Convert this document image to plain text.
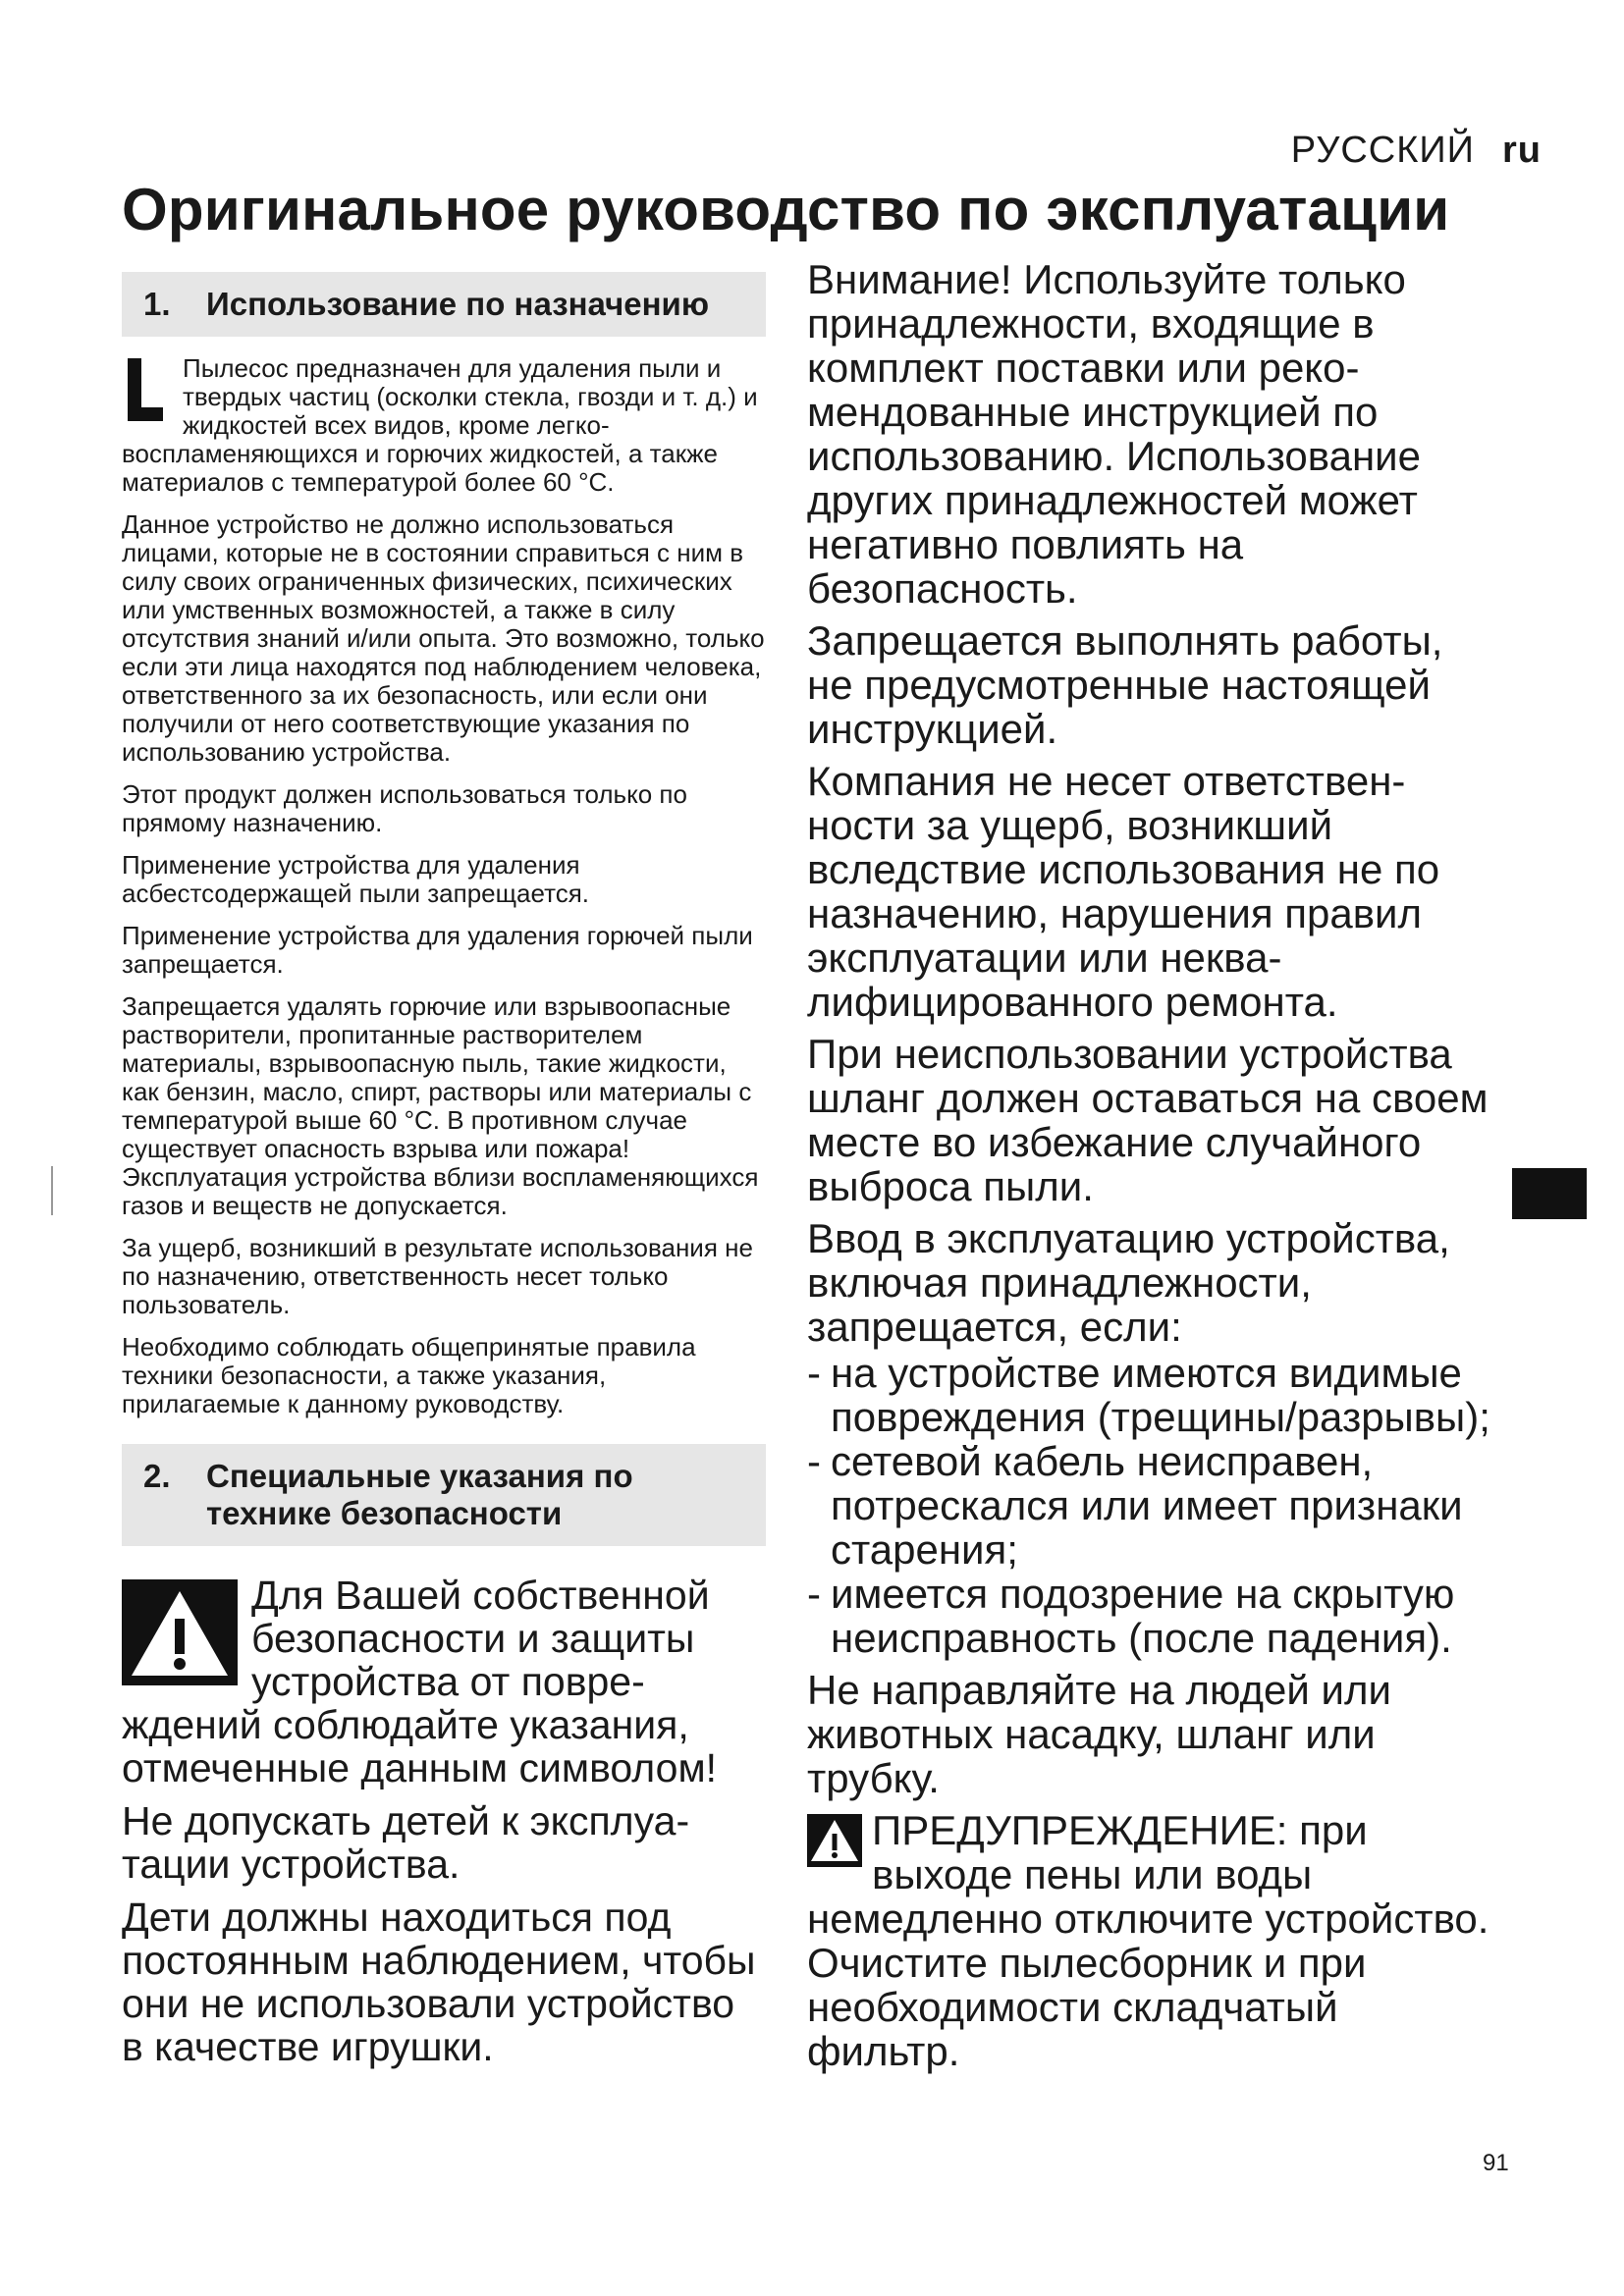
РУССКИЙ ru
Оригинальное руководство по эксплуатации
1.	Использование по назначению

Пылесос предназначен для удаления пыли и твердых частиц (осколки стекла, гвозди и т. д.) и жидкостей всех видов, кроме легковоспламеняющихся и горючих жидкостей, а также материалов с температурой более 60 °C.

Данное устройство не должно использоваться лицами, которые не в состоянии справиться с ним в силу своих ограниченных физических, психических или умственных возможностей, а также в силу отсутствия знаний и/или опыта. Это возможно, только если эти лица находятся под наблюдением человека, ответственного за их безопасность, или если они получили от него соответствующие указания по использованию устройства.

Этот продукт должен использоваться только по прямому назначению.

Применение устройства для удаления асбестсодержащей пыли запрещается.

Применение устройства для удаления горючей пыли запрещается.

Запрещается удалять горючие или взрывоопасные растворители, пропитанные растворителем материалы, взрывоопасную пыль, такие жидкости, как бензин, масло, спирт, растворы или материалы с температурой выше 60 °C. В противном случае существует опасность взрыва или пожара! Эксплуатация устройства вблизи воспламеняющихся газов и веществ не допускается.

За ущерб, возникший в результате использования не по назначению, ответственность несет только пользователь.

Необходимо соблюдать общепринятые правила техники безопасности, а также указания, прилагаемые к данному руководству.

2.	Специальные указания по технике безопасности

Для Вашей собственной безопасности и защиты устройства от повреждений соблюдайте указания, отмеченные данным символом!

Не допускать детей к эксплуатации устройства.

Дети должны находиться под постоянным наблюдением, чтобы они не использовали устройство в качестве игрушки.

Внимание! Используйте только принадлежности, входящие в комплект поставки или рекомендованные инструкцией по использованию. Использование других принадлежностей может негативно повлиять на безопасность.

Запрещается выполнять работы, не предусмотренные настоящей инструкцией.

Компания не несет ответственности за ущерб, возникший вследствие использования не по назначению, нарушения правил эксплуатации или неквалифицированного ремонта.

При неиспользовании устройства шланг должен оставаться на своем месте во избежание случайного выброса пыли.

Ввод в эксплуатацию устройства, включая принадлежности, запрещается, если:

- на устройстве имеются видимые повреждения (трещины/разрывы);
- сетевой кабель неисправен, потрескался или имеет признаки старения;
- имеется подозрение на скрытую неисправность (после падения).

Не направляйте на людей или животных насадку, шланг или трубку.

ПРЕДУПРЕЖДЕНИЕ: при выходе пены или воды немедленно отключите устройство. Очистите пылесборник и при необходимости складчатый фильтр.

91
